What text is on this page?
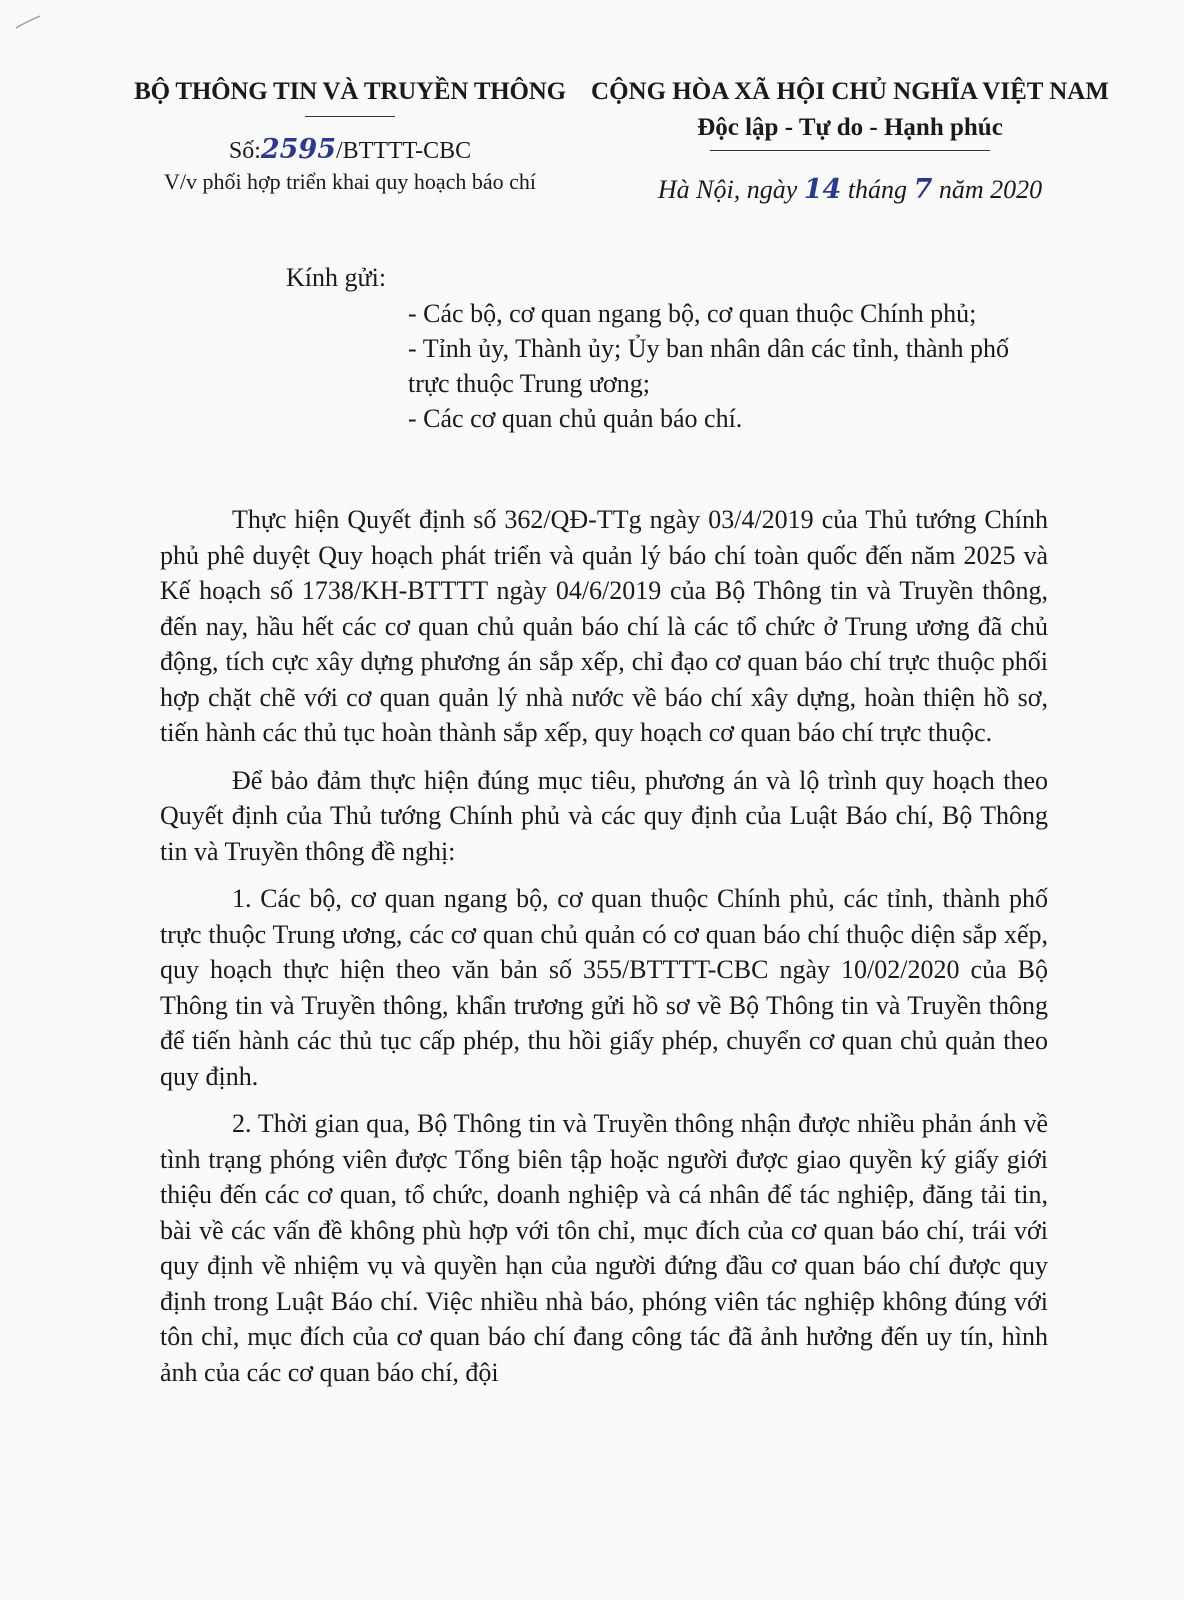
BỘ THÔNG TIN VÀ TRUYỀN THÔNG
Số:2595/BTTTT-CBC
V/v phối hợp triển khai quy hoạch báo chí
CỘNG HÒA XÃ HỘI CHỦ NGHĨA VIỆT NAM
Độc lập - Tự do - Hạnh phúc
Hà Nội, ngày 14 tháng 7 năm 2020
Kính gửi:
- Các bộ, cơ quan ngang bộ, cơ quan thuộc Chính phủ;
- Tỉnh ủy, Thành ủy; Ủy ban nhân dân các tỉnh, thành phố
trực thuộc Trung ương;
- Các cơ quan chủ quản báo chí.

Thực hiện Quyết định số 362/QĐ-TTg ngày 03/4/2019 của Thủ tướng Chính phủ phê duyệt Quy hoạch phát triển và quản lý báo chí toàn quốc đến năm 2025 và Kế hoạch số 1738/KH-BTTTT ngày 04/6/2019 của Bộ Thông tin và Truyền thông, đến nay, hầu hết các cơ quan chủ quản báo chí là các tổ chức ở Trung ương đã chủ động, tích cực xây dựng phương án sắp xếp, chỉ đạo cơ quan báo chí trực thuộc phối hợp chặt chẽ với cơ quan quản lý nhà nước về báo chí xây dựng, hoàn thiện hồ sơ, tiến hành các thủ tục hoàn thành sắp xếp, quy hoạch cơ quan báo chí trực thuộc.

Để bảo đảm thực hiện đúng mục tiêu, phương án và lộ trình quy hoạch theo Quyết định của Thủ tướng Chính phủ và các quy định của Luật Báo chí, Bộ Thông tin và Truyền thông đề nghị:

1. Các bộ, cơ quan ngang bộ, cơ quan thuộc Chính phủ, các tỉnh, thành phố trực thuộc Trung ương, các cơ quan chủ quản có cơ quan báo chí thuộc diện sắp xếp, quy hoạch thực hiện theo văn bản số 355/BTTTT-CBC ngày 10/02/2020 của Bộ Thông tin và Truyền thông, khẩn trương gửi hồ sơ về Bộ Thông tin và Truyền thông để tiến hành các thủ tục cấp phép, thu hồi giấy phép, chuyển cơ quan chủ quản theo quy định.

2. Thời gian qua, Bộ Thông tin và Truyền thông nhận được nhiều phản ánh về tình trạng phóng viên được Tổng biên tập hoặc người được giao quyền ký giấy giới thiệu đến các cơ quan, tổ chức, doanh nghiệp và cá nhân để tác nghiệp, đăng tải tin, bài về các vấn đề không phù hợp với tôn chỉ, mục đích của cơ quan báo chí, trái với quy định về nhiệm vụ và quyền hạn của người đứng đầu cơ quan báo chí được quy định trong Luật Báo chí. Việc nhiều nhà báo, phóng viên tác nghiệp không đúng với tôn chỉ, mục đích của cơ quan báo chí đang công tác đã ảnh hưởng đến uy tín, hình ảnh của các cơ quan báo chí, đội
